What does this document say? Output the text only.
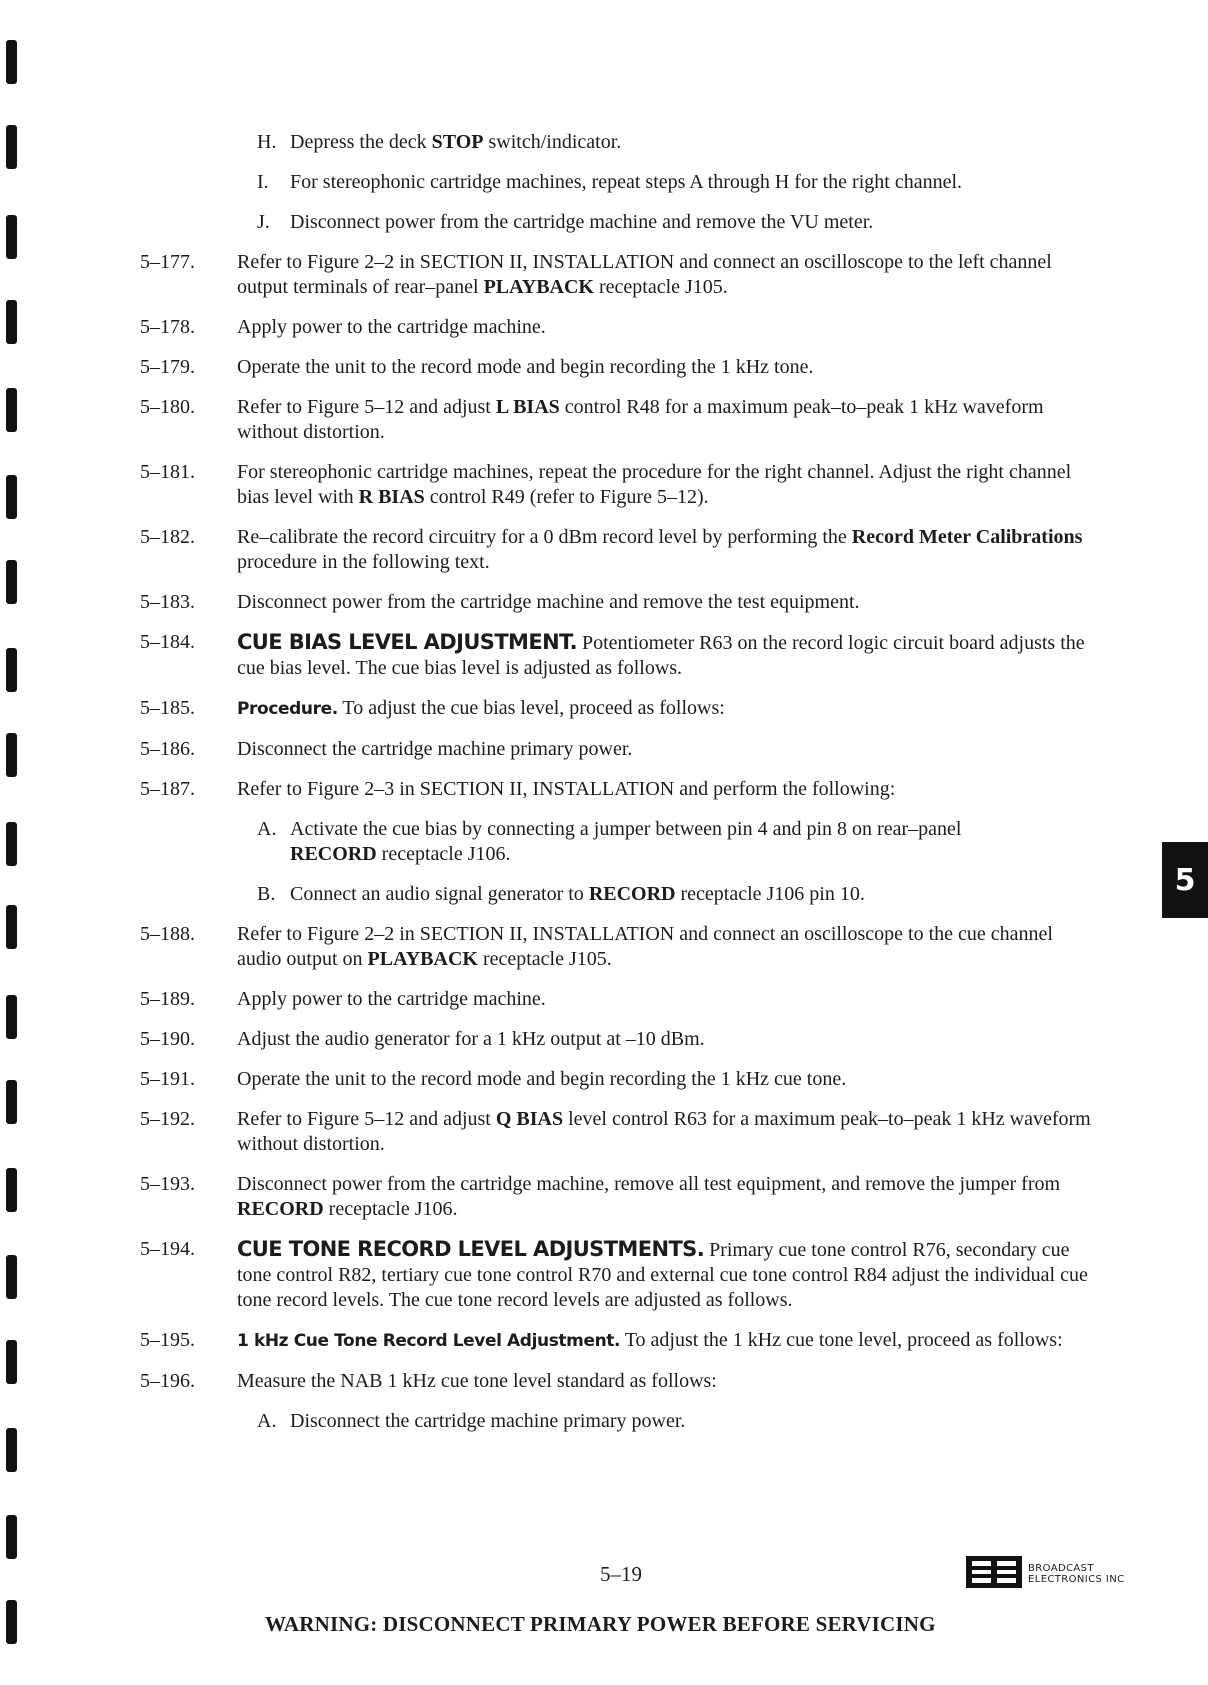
H. Depress the deck STOP switch/indicator.
I. For stereophonic cartridge machines, repeat steps A through H for the right channel.
J. Disconnect power from the cartridge machine and remove the VU meter.
5–177.	Refer to Figure 2–2 in SECTION II, INSTALLATION and connect an oscilloscope to the left channel output terminals of rear–panel PLAYBACK receptacle J105.
5–178.	Apply power to the cartridge machine.
5–179.	Operate the unit to the record mode and begin recording the 1 kHz tone.
5–180.	Refer to Figure 5–12 and adjust L BIAS control R48 for a maximum peak–to–peak 1 kHz waveform without distortion.
5–181.	For stereophonic cartridge machines, repeat the procedure for the right channel. Adjust the right channel bias level with R BIAS control R49 (refer to Figure 5–12).
5–182.	Re–calibrate the record circuitry for a 0 dBm record level by performing the Record Meter Calibrations procedure in the following text.
5–183.	Disconnect power from the cartridge machine and remove the test equipment.
5–184.	CUE BIAS LEVEL ADJUSTMENT. Potentiometer R63 on the record logic circuit board adjusts the cue bias level. The cue bias level is adjusted as follows.
5–185.	Procedure. To adjust the cue bias level, proceed as follows:
5–186.	Disconnect the cartridge machine primary power.
5–187.	Refer to Figure 2–3 in SECTION II, INSTALLATION and perform the following:
A. Activate the cue bias by connecting a jumper between pin 4 and pin 8 on rear–panel RECORD receptacle J106.
B. Connect an audio signal generator to RECORD receptacle J106 pin 10.
5–188.	Refer to Figure 2–2 in SECTION II, INSTALLATION and connect an oscilloscope to the cue channel audio output on PLAYBACK receptacle J105.
5–189.	Apply power to the cartridge machine.
5–190.	Adjust the audio generator for a 1 kHz output at –10 dBm.
5–191.	Operate the unit to the record mode and begin recording the 1 kHz cue tone.
5–192.	Refer to Figure 5–12 and adjust Q BIAS level control R63 for a maximum peak–to–peak 1 kHz waveform without distortion.
5–193.	Disconnect power from the cartridge machine, remove all test equipment, and remove the jumper from RECORD receptacle J106.
5–194.	CUE TONE RECORD LEVEL ADJUSTMENTS. Primary cue tone control R76, secondary cue tone control R82, tertiary cue tone control R70 and external cue tone control R84 adjust the individual cue tone record levels. The cue tone record levels are adjusted as follows.
5–195.	1 kHz Cue Tone Record Level Adjustment. To adjust the 1 kHz cue tone level, proceed as follows:
5–196.	Measure the NAB 1 kHz cue tone level standard as follows:
A. Disconnect the cartridge machine primary power.
5
5–19	BROADCAST
ELECTRONICS INC
WARNING: DISCONNECT PRIMARY POWER BEFORE SERVICING
